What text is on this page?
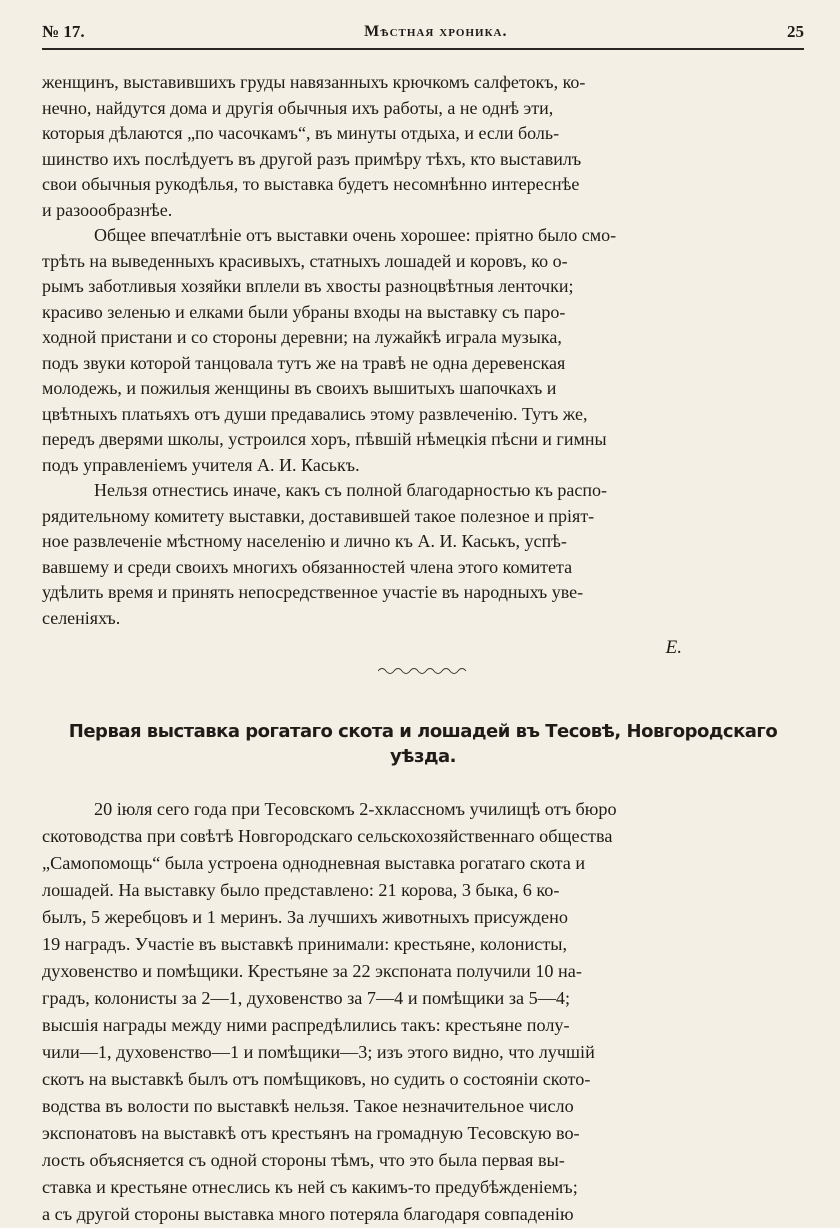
№ 17.	Мѣстная хроника.	25

женщинъ, выставившихъ груды навязанныхъ крючкомъ салфетокъ, ко-
нечно, найдутся дома и другія обычныя ихъ работы, а не однѣ эти,
которыя дѣлаются „по часочкамъ“, въ минуты отдыха, и если боль-
шинство ихъ послѣдуетъ въ другой разъ примѣру тѣхъ, кто выставилъ
свои обычныя рукодѣлья, то выставка будетъ несомнѣнно интереснѣе
и разоообразнѣе.

Общее впечатлѣніе отъ выставки очень хорошее: пріятно было смо-
трѣть на выведенныхъ красивыхъ, статныхъ лошадей и коровъ, ко о-
рымъ заботливыя хозяйки вплели въ хвосты разноцвѣтныя ленточки;
красиво зеленью и елками были убраны входы на выставку съ паро-
ходной пристани и со стороны деревни; на лужайкѣ играла музыка,
подъ звуки которой танцовала тутъ же на травѣ не одна деревенская
молодежь, и пожилыя женщины въ своихъ вышитыхъ шапочкахъ и
цвѣтныхъ платьяхъ отъ души предавались этому развлеченію. Тутъ же,
передъ дверями школы, устроился хоръ, пѣвшій нѣмецкія пѣсни и гимны
подъ управленіемъ учителя А. И. Каськъ.

Нельзя отнестись иначе, какъ съ полной благодарностью къ распо-
рядительному комитету выставки, доставившей такое полезное и пріят-
ное развлеченіе мѣстному населенію и лично къ А. И. Каськъ, успѣ-
вавшему и среди своихъ многихъ обязанностей члена этого комитета
удѣлить время и принять непосредственное участіе въ народныхъ уве-
селеніяхъ.

Е.
Первая выставка рогатаго скота и лошадей въ Тесовѣ, Новгородскаго уѣзда.

20 іюля сего года при Тесовскомъ 2-хкласcномъ училищѣ отъ бюро
скотоводства при совѣтѣ Новгородскаго сельскохозяйственнаго общества
„Самопомощь“ была устроена однодневная выставка рогатаго скота и
лошадей. На выставку было представлено: 21 корова, 3 быка, 6 ко-
былъ, 5 жеребцовъ и 1 меринъ. За лучшихъ животныхъ присуждено
19 наградъ. Участіе въ выставкѣ принимали: крестьяне, колонисты,
духовенство и помѣщики. Крестьяне за 22 экспоната получили 10 на-
градъ, колонисты за 2—1, духовенство за 7—4 и помѣщики за 5—4;
высшія награды между ними распредѣлились такъ: крестьяне полу-
чили—1, духовенство—1 и помѣщики—3; изъ этого видно, что лучшій
скотъ на выставкѣ былъ отъ помѣщиковъ, но судить о состояніи ското-
водства въ волости по выставкѣ нельзя. Такое незначительное число
экспонатовъ на выставкѣ отъ крестьянъ на громадную Тесовскую во-
лость объясняется съ одной стороны тѣмъ, что это была первая вы-
ставка и крестьяне отнеслись къ ней съ какимъ-то предубѣжденіемъ;
а съ другой стороны выставка много потеряла благодаря совпаденію
